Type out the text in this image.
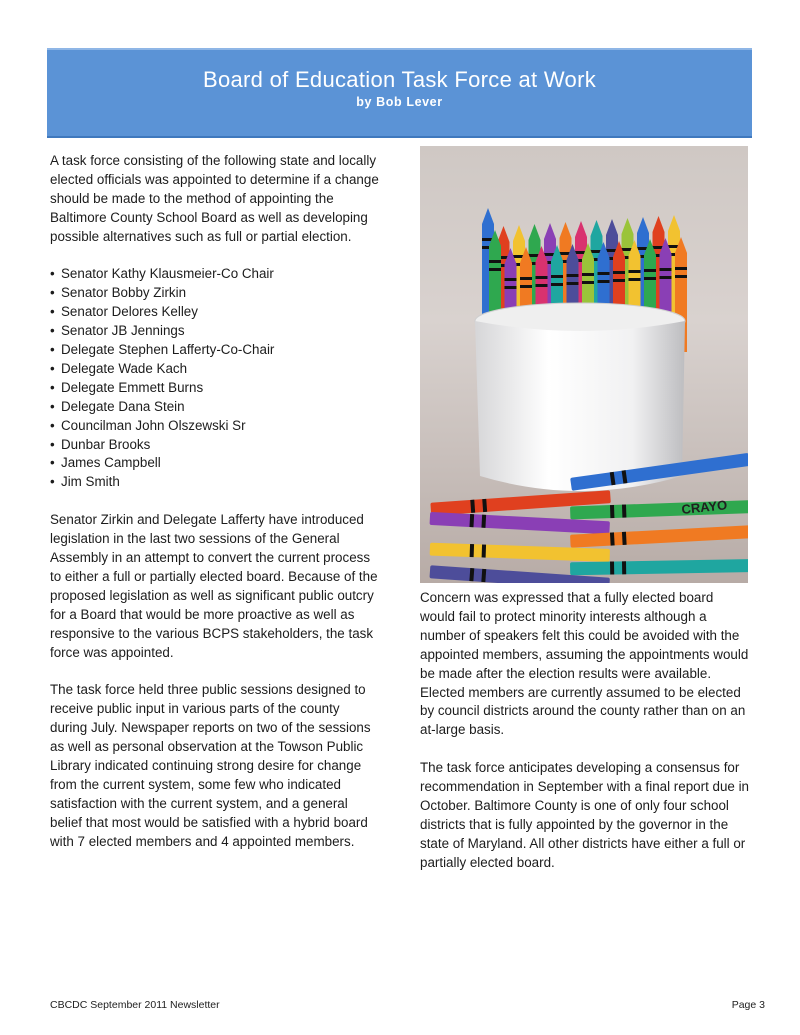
Board of Education Task Force at Work
by Bob Lever

A task force consisting of the following state and locally elected officials was appointed to determine if a change should be made to the method of appointing the Baltimore County School Board as well as developing possible alternatives such as full or partial election.

• Senator Kathy Klausmeier-Co Chair
• Senator Bobby Zirkin
• Senator Delores Kelley
• Senator JB Jennings
• Delegate Stephen Lafferty-Co-Chair
• Delegate Wade Kach
• Delegate Emmett Burns
• Delegate Dana Stein
• Councilman John Olszewski Sr
• Dunbar Brooks
• James Campbell
• Jim Smith

Senator Zirkin and Delegate Lafferty have introduced legislation in the last two sessions of the General Assembly in an attempt to convert the current process to either a full or partially elected board. Because of the proposed legislation as well as significant public outcry for a Board that would be more proactive as well as responsive to the various BCPS stakeholders, the task force was appointed.

The task force held three public sessions designed to receive public input in various parts of the county during July. Newspaper reports on two of the sessions as well as personal observation at the Towson Public Library indicated continuing strong desire for change from the current system, some few who indicated satisfaction with the current system, and a general belief that most would be satisfied with a hybrid board with 7 elected members and 4 appointed members.

CRAYO

Concern was expressed that a fully elected board would fail to protect minority interests although a number of speakers felt this could be avoided with the appointed members, assuming the appointments would be made after the election results were available. Elected members are currently assumed to be elected by council districts around the county rather than on an at-large basis.

The task force anticipates developing a consensus for recommendation in September with a final report due in October. Baltimore County is one of only four school districts that is fully appointed by the governor in the state of Maryland. All other districts have either a full or partially elected board.

CBCDC September 2011 Newsletter	Page 3
